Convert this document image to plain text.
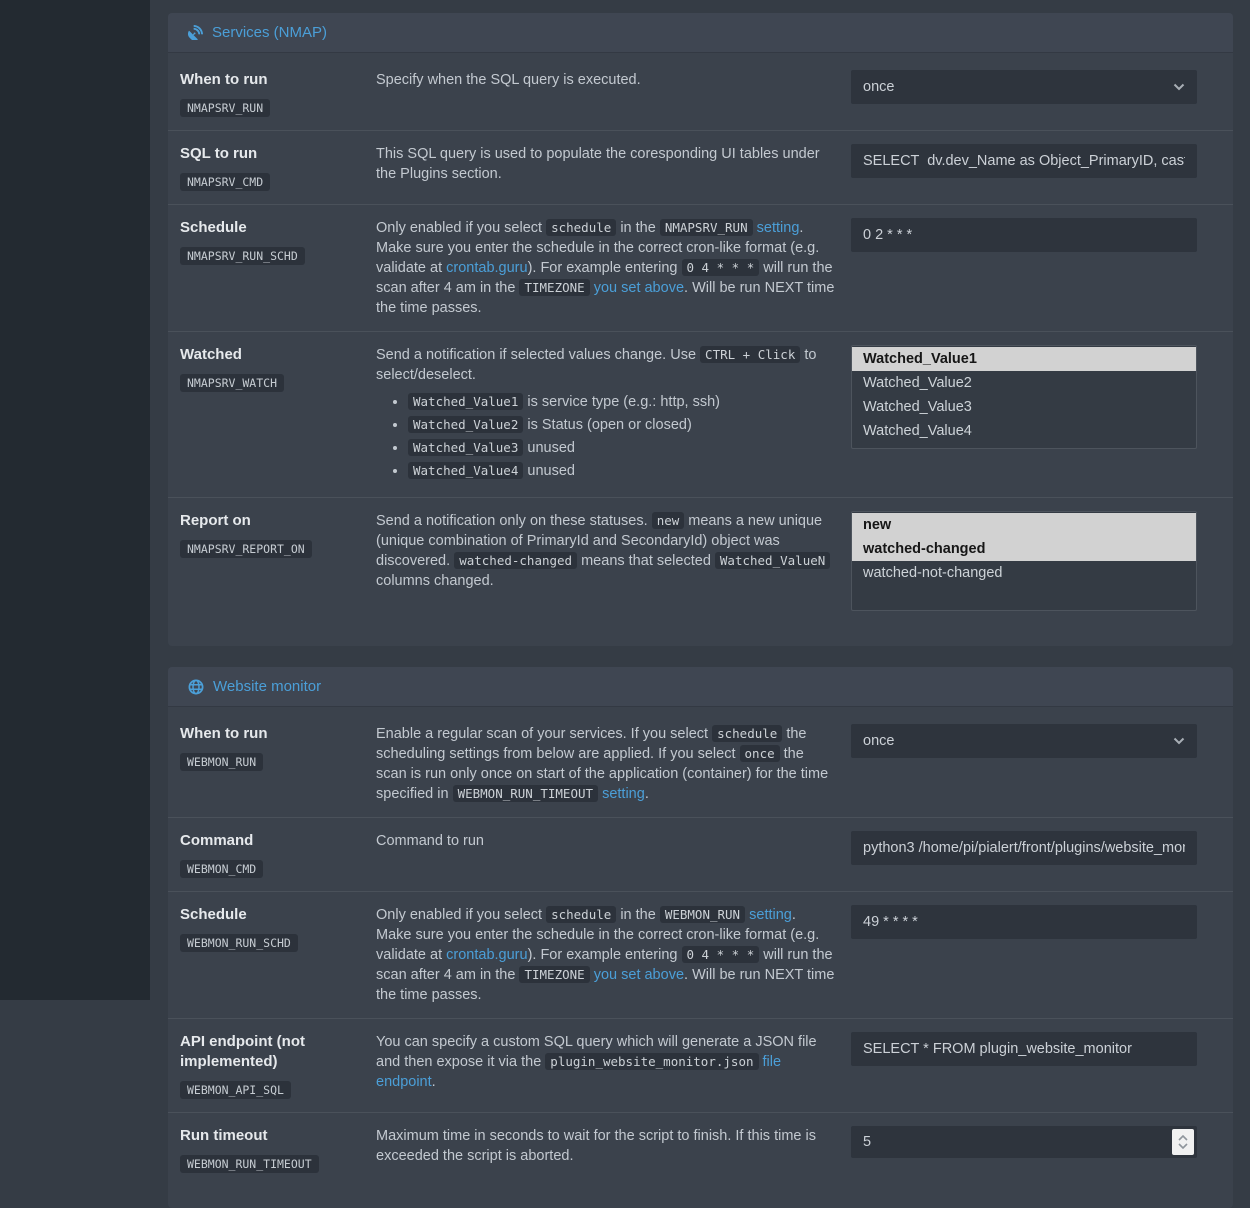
Services (NMAP)
When to run
NMAPSRV_RUN

Specify when the SQL query is executed.	once
SQL to run
NMAPSRV_CMD

This SQL query is used to populate the coresponding UI tables under the Plugins section.

SELECT dv.dev_Name as Object_PrimaryID, cast({s-quo
Schedule
NMAPSRV_RUN_SCHD

Only enabled if you select schedule in the NMAPSRV_RUN setting. Make sure you enter the schedule in the correct cron-like format (e.g. validate at crontab.guru). For example entering 0 4 * * * will run the scan after 4 am in the TIMEZONE you set above. Will be run NEXT time the time passes.

0 2 * * *
Watched
NMAPSRV_WATCH

Send a notification if selected values change. Use CTRL + Click to select/deselect.

• Watched_Value1 is service type (e.g.: http, ssh)
• Watched_Value2 is Status (open or closed)
• Watched_Value3 unused
• Watched_Value4 unused
Watched_Value1
Watched_Value2
Watched_Value3
Watched_Value4
Report on
NMAPSRV_REPORT_ON

Send a notification only on these statuses. new means a new unique (unique combination of PrimaryId and SecondaryId) object was discovered. watched-changed means that selected Watched_ValueN columns changed.

new
watched-changed
watched-not-changed
Website monitor
When to run
WEBMON_RUN

Enable a regular scan of your services. If you select schedule the scheduling settings from below are applied. If you select once the scan is run only once on start of the application (container) for the time specified in WEBMON_RUN_TIMEOUT setting.

once
Command
WEBMON_CMD

Command to run

python3 /home/pi/pialert/front/plugins/website_monit
Schedule
WEBMON_RUN_SCHD

Only enabled if you select schedule in the WEBMON_RUN setting. Make sure you enter the schedule in the correct cron-like format (e.g. validate at crontab.guru). For example entering 0 4 * * * will run the scan after 4 am in the TIMEZONE you set above. Will be run NEXT time the time passes.

49 * * * *
API endpoint (not implemented)
WEBMON_API_SQL

You can specify a custom SQL query which will generate a JSON file and then expose it via the plugin_website_monitor.json file endpoint.

SELECT * FROM plugin_website_monitor
Run timeout
WEBMON_RUN_TIMEOUT

Maximum time in seconds to wait for the script to finish. If this time is exceeded the script is aborted.

5
